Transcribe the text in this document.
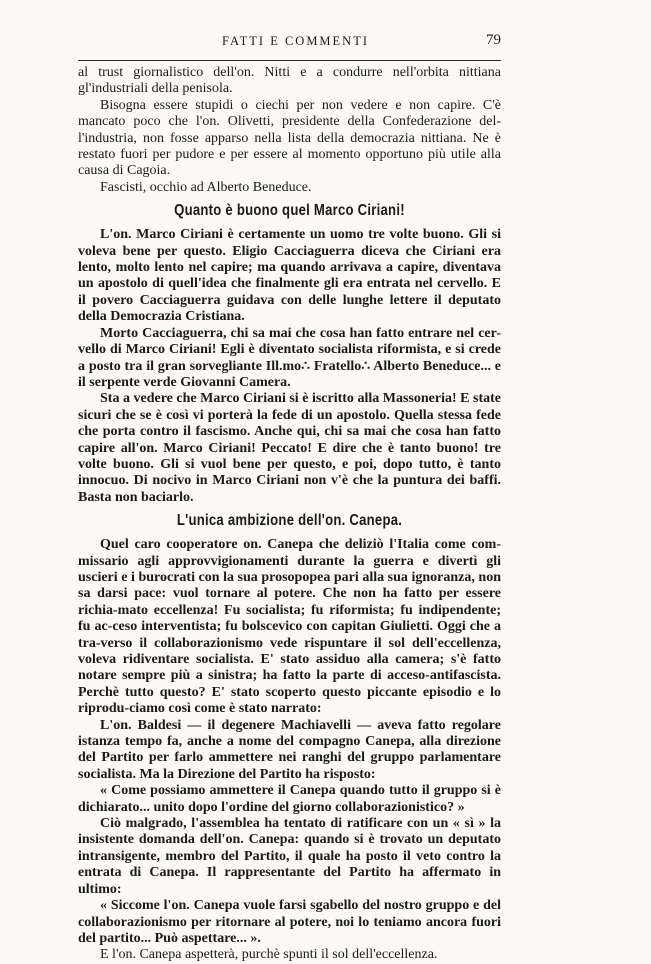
FATTI E COMMENTI	79

al trust giornalistico dell'on. Nitti e a condurre nell'orbita nittiana gl'industriali della penisola.

Bisogna essere stupidi o ciechi per non vedere e non capire. C'è mancato poco che l'on. Olivetti, presidente della Confederazione del-l'industria, non fosse apparso nella lista della democrazia nittiana. Ne è restato fuori per pudore e per essere al momento opportuno più utile alla causa di Cagoia.

Fascisti, occhio ad Alberto Beneduce.

Quanto è buono quel Marco Ciriani!

L'on. Marco Ciriani è certamente un uomo tre volte buono. Gli si voleva bene per questo. Eligio Cacciaguerra diceva che Ciriani era lento, molto lento nel capire; ma quando arrivava a capire, diventava un apostolo di quell'idea che finalmente gli era entrata nel cervello. E il povero Cacciaguerra guidava con delle lunghe lettere il deputato della Democrazia Cristiana.

Morto Cacciaguerra, chi sa mai che cosa han fatto entrare nel cer-vello di Marco Ciriani! Egli è diventato socialista riformista, e si crede a posto tra il gran sorvegliante Ill.mo∴ Fratello∴ Alberto Beneduce... e il serpente verde Giovanni Camera.

Sta a vedere che Marco Ciriani si è iscritto alla Massoneria! E state sicuri che se è così vi porterà la fede di un apostolo. Quella stessa fede che porta contro il fascismo. Anche qui, chi sa mai che cosa han fatto capire all'on. Marco Ciriani! Peccato! E dire che è tanto buono! tre volte buono. Gli si vuol bene per questo, e poi, dopo tutto, è tanto innocuo. Di nocivo in Marco Ciriani non v'è che la puntura dei baffi. Basta non baciarlo.

L'unica ambizione dell'on. Canepa.

Quel caro cooperatore on. Canepa che deliziò l'Italia come com-missario agli approvvigionamenti durante la guerra e divertì gli uscieri e i burocrati con la sua prosopopea pari alla sua ignoranza, non sa darsi pace: vuol tornare al potere. Che non ha fatto per essere richia-mato eccellenza! Fu socialista; fu riformista; fu indipendente; fu ac-ceso interventista; fu bolscevico con capitan Giulietti. Oggi che a tra-verso il collaborazionismo vede rispuntare il sol dell'eccellenza, voleva ridiventare socialista. E' stato assiduo alla camera; s'è fatto notare sempre più a sinistra; ha fatto la parte di acceso-antifascista. Perchè tutto questo? E' stato scoperto questo piccante episodio e lo riprodu-ciamo così come è stato narrato:

L'on. Baldesi — il degenere Machiavelli — aveva fatto regolare istanza tempo fa, anche a nome del compagno Canepa, alla direzione del Partito per farlo ammettere nei ranghi del gruppo parlamentare socialista. Ma la Direzione del Partito ha risposto:

« Come possiamo ammettere il Canepa quando tutto il gruppo si è dichiarato... unito dopo l'ordine del giorno collaborazionistico? »

Ciò malgrado, l'assemblea ha tentato di ratificare con un « sì » la insistente domanda dell'on. Canepa: quando si è trovato un deputato intransigente, membro del Partito, il quale ha posto il veto contro la entrata di Canepa. Il rappresentante del Partito ha affermato in ultimo:

« Siccome l'on. Canepa vuole farsi sgabello del nostro gruppo e del collaborazionismo per ritornare al potere, noi lo teniamo ancora fuori del partito... Può aspettare... ».

E l'on. Canepa aspetterà, purchè spunti il sol dell'eccellenza.
